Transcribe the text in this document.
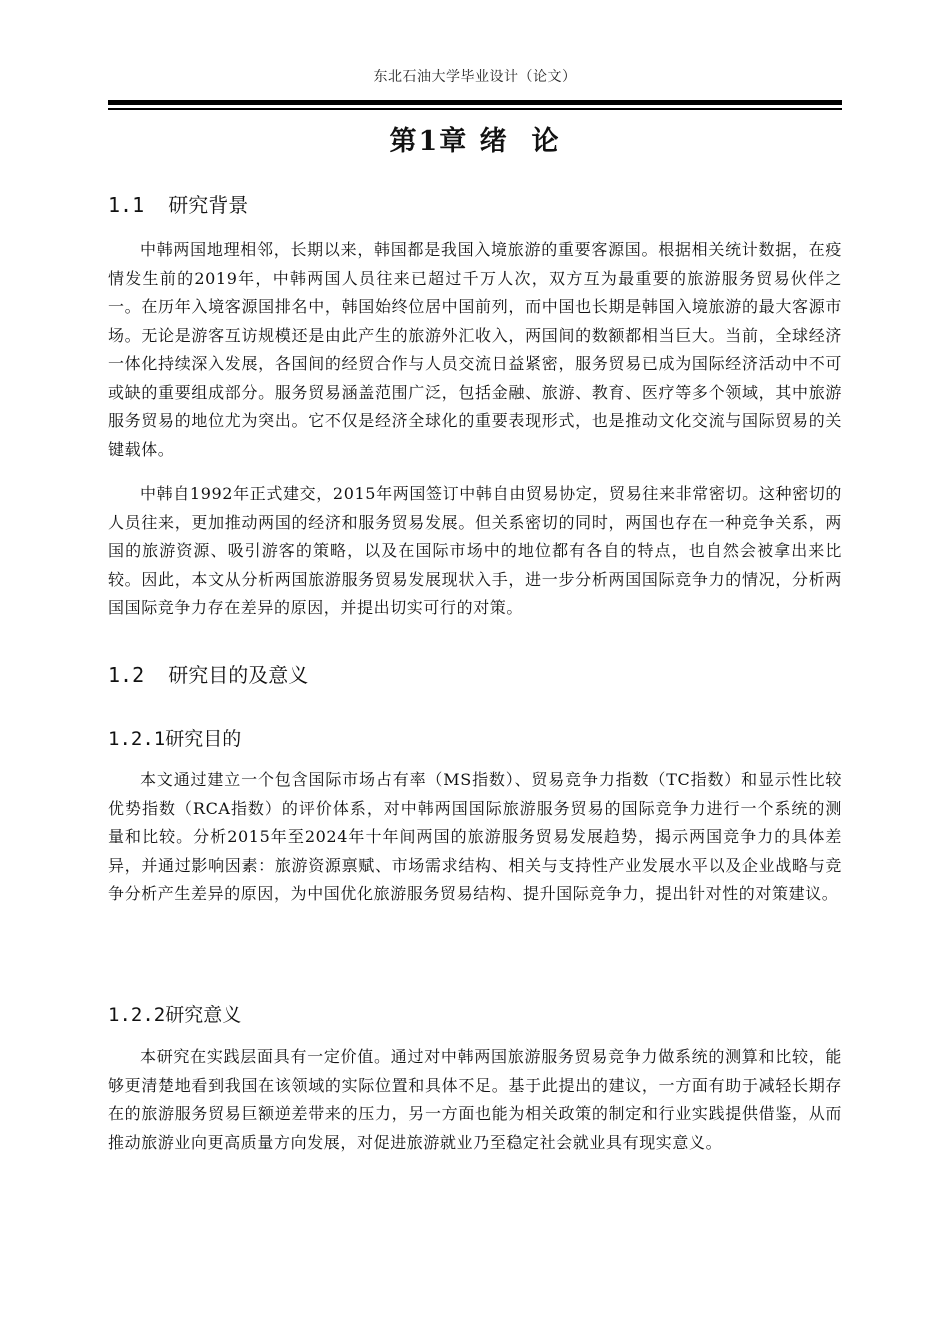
东北石油大学毕业设计（论文）
第1章 绪  论
1.1  研究背景

中韩两国地理相邻，长期以来，韩国都是我国入境旅游的重要客源国。根据相关统计数据，在疫情发生前的2019年，中韩两国人员往来已超过千万人次，双方互为最重要的旅游服务贸易伙伴之一。在历年入境客源国排名中，韩国始终位居中国前列，而中国也长期是韩国入境旅游的最大客源市场。无论是游客互访规模还是由此产生的旅游外汇收入，两国间的数额都相当巨大。当前，全球经济一体化持续深入发展，各国间的经贸合作与人员交流日益紧密，服务贸易已成为国际经济活动中不可或缺的重要组成部分。服务贸易涵盖范围广泛，包括金融、旅游、教育、医疗等多个领域，其中旅游服务贸易的地位尤为突出。它不仅是经济全球化的重要表现形式，也是推动文化交流与国际贸易的关键载体。

中韩自1992年正式建交，2015年两国签订中韩自由贸易协定，贸易往来非常密切。这种密切的人员往来，更加推动两国的经济和服务贸易发展。但关系密切的同时，两国也存在一种竞争关系，两国的旅游资源、吸引游客的策略，以及在国际市场中的地位都有各自的特点，也自然会被拿出来比较。因此，本文从分析两国旅游服务贸易发展现状入手，进一步分析两国国际竞争力的情况，分析两国国际竞争力存在差异的原因，并提出切实可行的对策。

1.2  研究目的及意义
1.2.1研究目的

本文通过建立一个包含国际市场占有率（MS指数）、贸易竞争力指数（TC指数）和显示性比较优势指数（RCA指数）的评价体系，对中韩两国国际旅游服务贸易的国际竞争力进行一个系统的测量和比较。分析2015年至2024年十年间两国的旅游服务贸易发展趋势，揭示两国竞争力的具体差异，并通过影响因素：旅游资源禀赋、市场需求结构、相关与支持性产业发展水平以及企业战略与竞争分析产生差异的原因，为中国优化旅游服务贸易结构、提升国际竞争力，提出针对性的对策建议。

1.2.2研究意义

本研究在实践层面具有一定价值。通过对中韩两国旅游服务贸易竞争力做系统的测算和比较，能够更清楚地看到我国在该领域的实际位置和具体不足。基于此提出的建议，一方面有助于减轻长期存在的旅游服务贸易巨额逆差带来的压力，另一方面也能为相关政策的制定和行业实践提供借鉴，从而推动旅游业向更高质量方向发展，对促进旅游就业乃至稳定社会就业具有现实意义。
